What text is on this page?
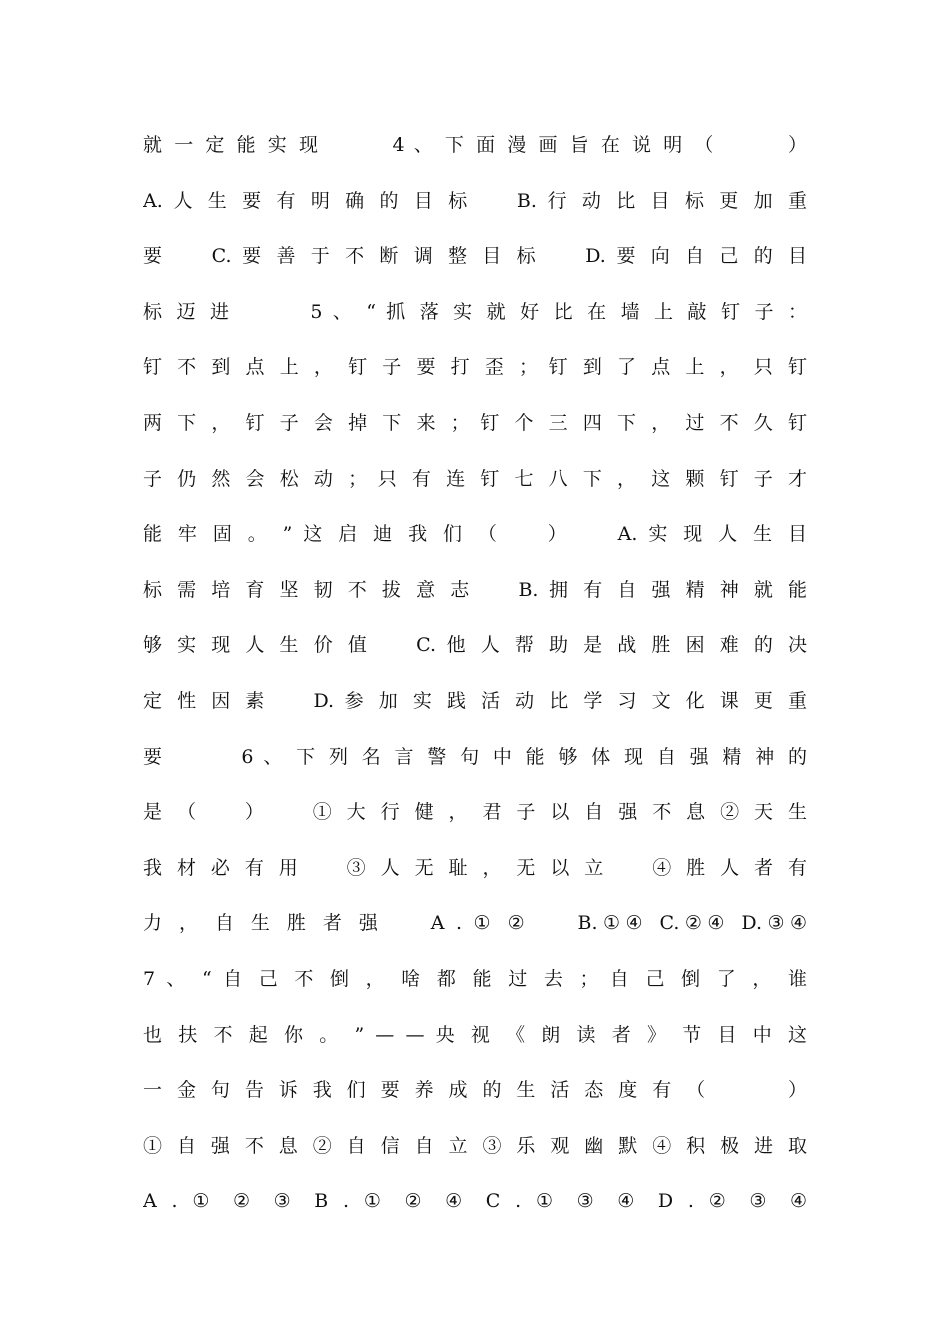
就 一 定 能 实 现 　 　 4 、 下 面 漫 画 旨 在 说 明 （ 　 　 ）
A. 人 生 要 有 明 确 的 目 标 　 B. 行 动 比 目 标 更 加 重
要 　 C. 要 善 于 不 断 调 整 目 标 　 D. 要 向 自 己 的 目
标 迈 进 　 　 5 、 “ 抓 落 实 就 好 比 在 墙 上 敲 钉 子 ：
钉 不 到 点 上 ， 钉 子 要 打 歪 ； 钉 到 了 点 上 ， 只 钉
两 下 ， 钉 子 会 掉 下 来 ； 钉 个 三 四 下 ， 过 不 久 钉
子 仍 然 会 松 动 ； 只 有 连 钉 七 八 下 ， 这 颗 钉 子 才
能 牢 固 。 ” 这 启 迪 我 们 （ 　 ） 　 A. 实 现 人 生 目
标 需 培 育 坚 韧 不 拔 意 志 　 B. 拥 有 自 强 精 神 就 能
够 实 现 人 生 价 值 　 C. 他 人 帮 助 是 战 胜 困 难 的 决
定 性 因 素 　 D. 参 加 实 践 活 动 比 学 习 文 化 课 更 重
要 　 　 6 、 下 列 名 言 警 句 中 能 够 体 现 自 强 精 神 的
是 （ 　 ） 　 ① 大 行 健 ， 君 子 以 自 强 不 息 ② 天 生
我 材 必 有 用 　 ③ 人 无 耻 ， 无 以 立 　 ④ 胜 人 者 有
力 ， 自 生 胜 者 强 　 A . ① ② 　 B.①④ C.②④ D.③④
7 、 “ 自 己 不 倒 ， 啥 都 能 过 去 ； 自 己 倒 了 ， 谁
也 扶 不 起 你 。 ” — — 央 视 《 朗 读 者 》 节 目 中 这
一 金 句 告 诉 我 们 要 养 成 的 生 活 态 度 有 （ 　 　 ）
① 自 强 不 息 ② 自 信 自 立 ③ 乐 观 幽 默 ④ 积 极 进 取
A . ① ② ③ B . ① ② ④ C . ① ③ ④ D . ② ③ ④
